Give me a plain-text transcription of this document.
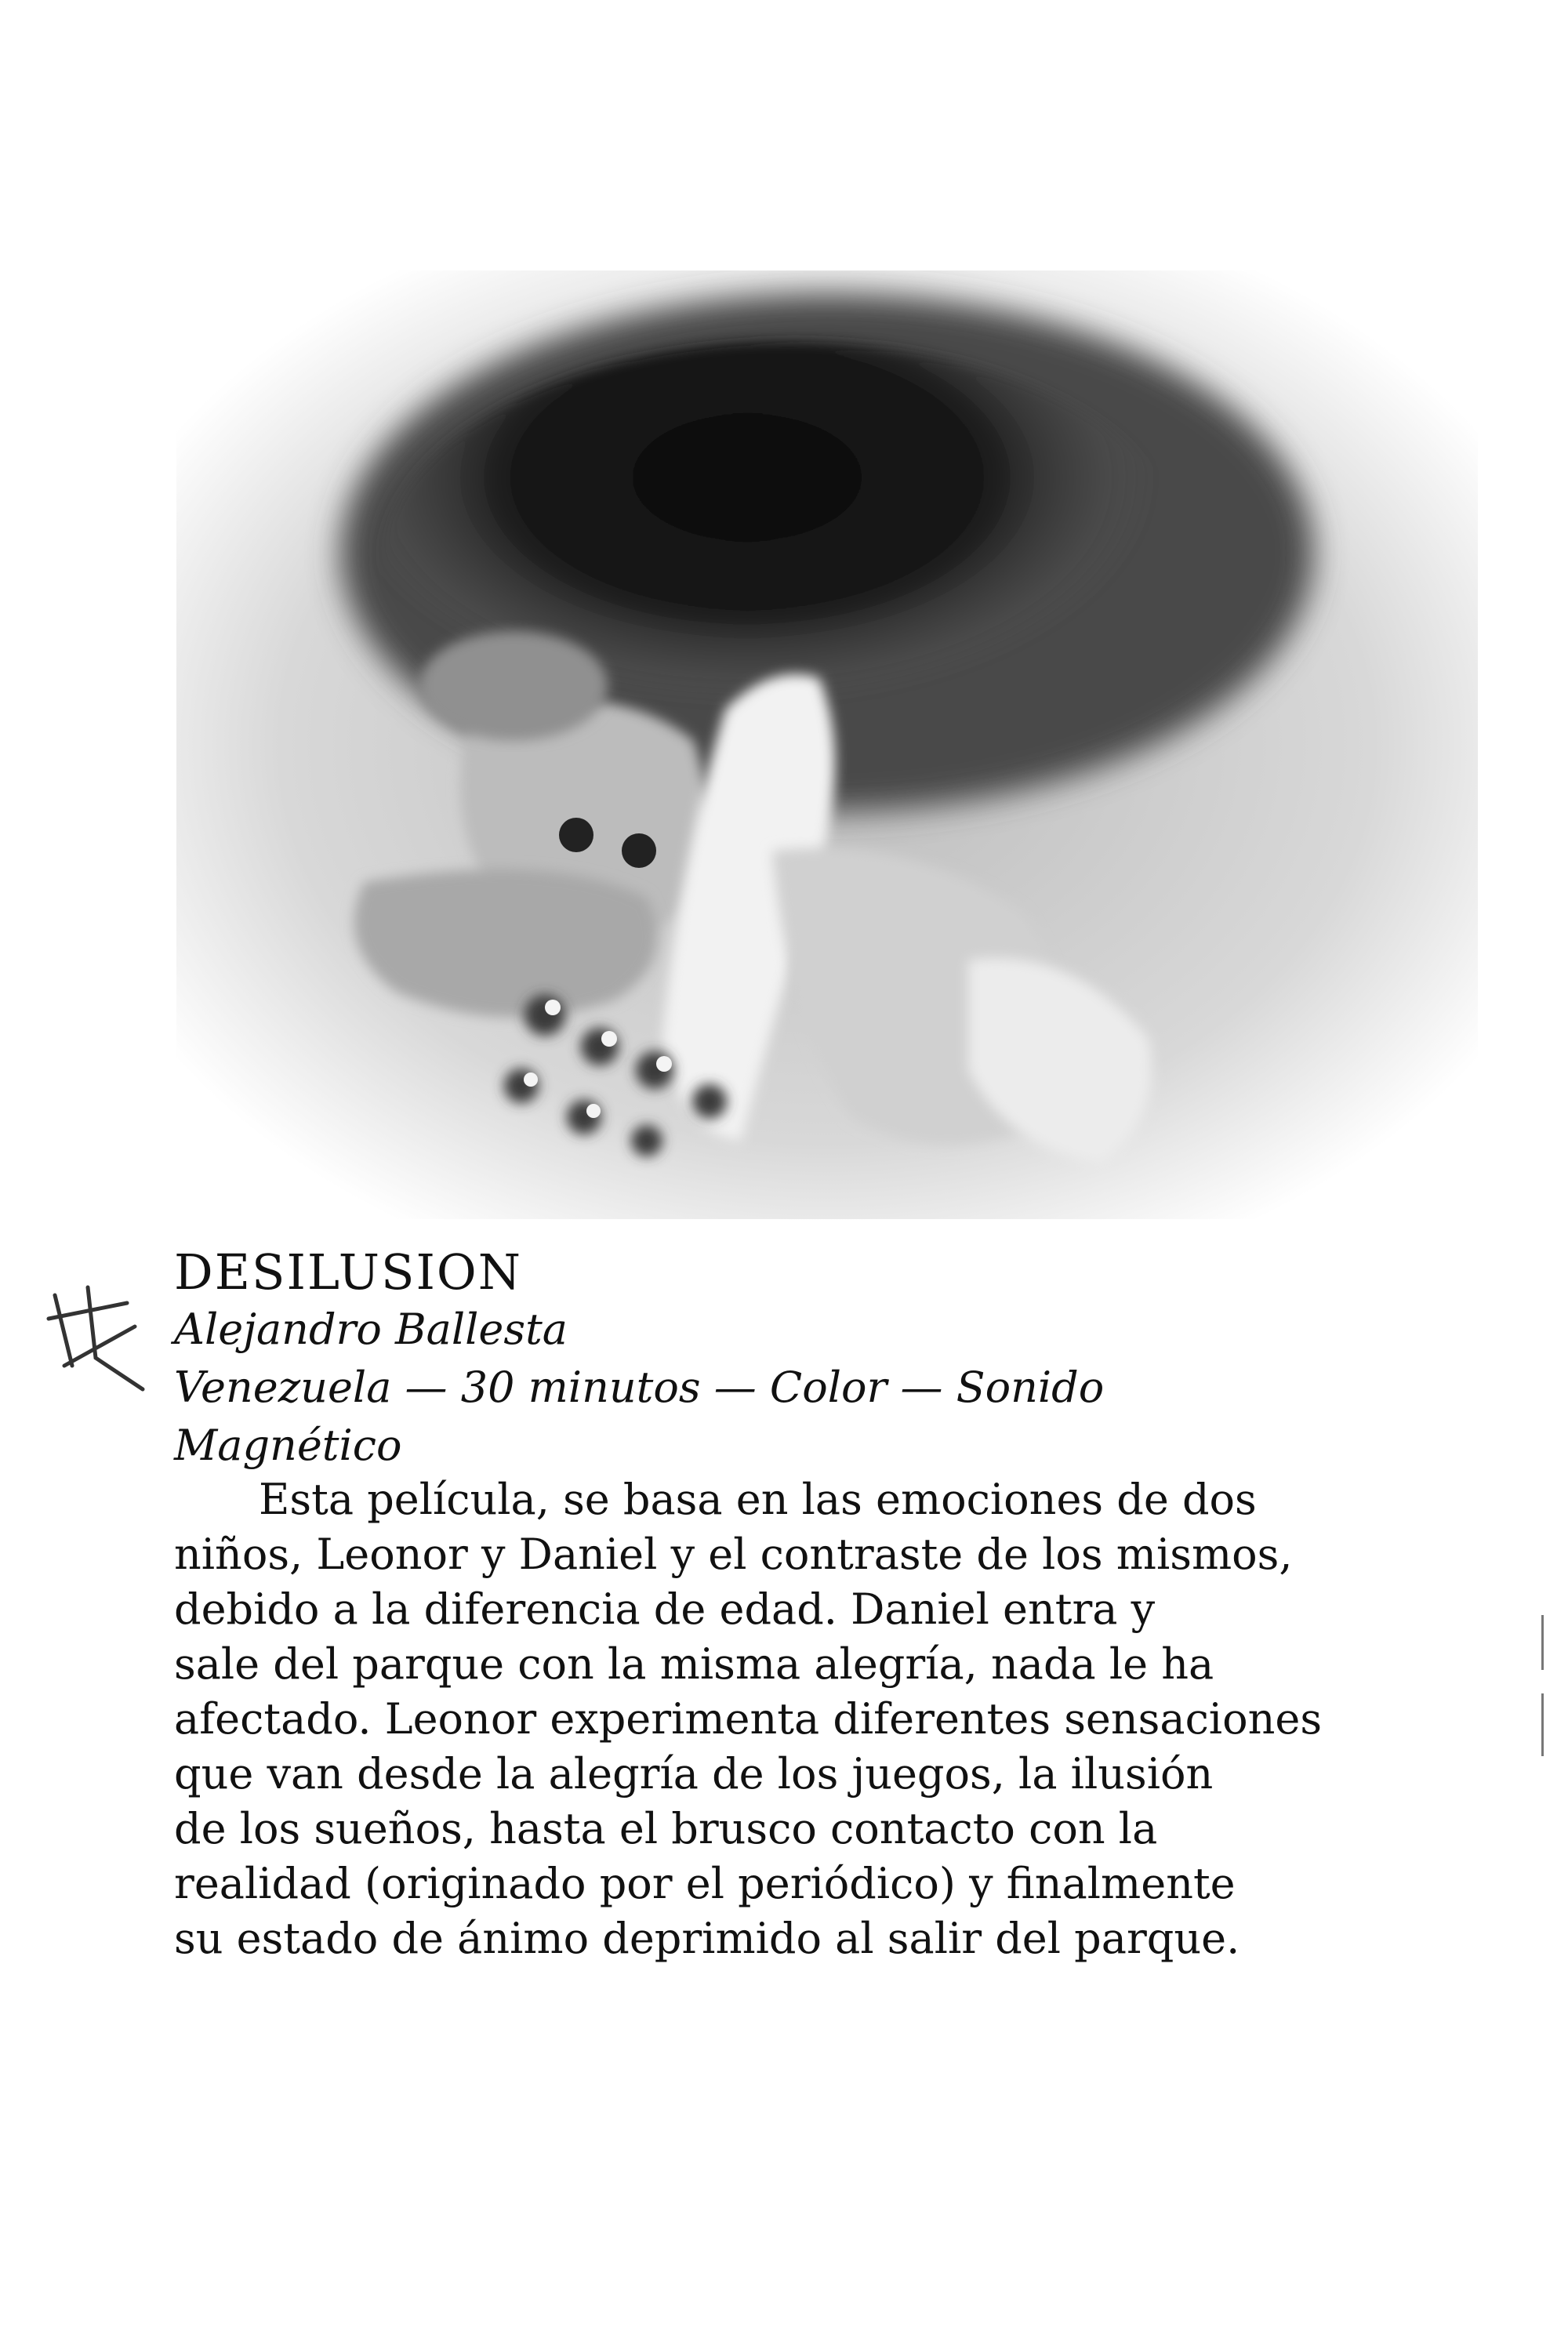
DESILUSION

Alejandro Ballesta

Venezuela — 30 minutos — Color — Sonido

Magnético

Esta película, se basa en las emociones de dos
niños, Leonor y Daniel y el contraste de los mismos,
debido a la diferencia de edad. Daniel entra y
sale del parque con la misma alegría, nada le ha
afectado. Leonor experimenta diferentes sensaciones
que van desde la alegría de los juegos, la ilusión
de los sueños, hasta el brusco contacto con la
realidad (originado por el periódico) y finalmente
su estado de ánimo deprimido al salir del parque.
